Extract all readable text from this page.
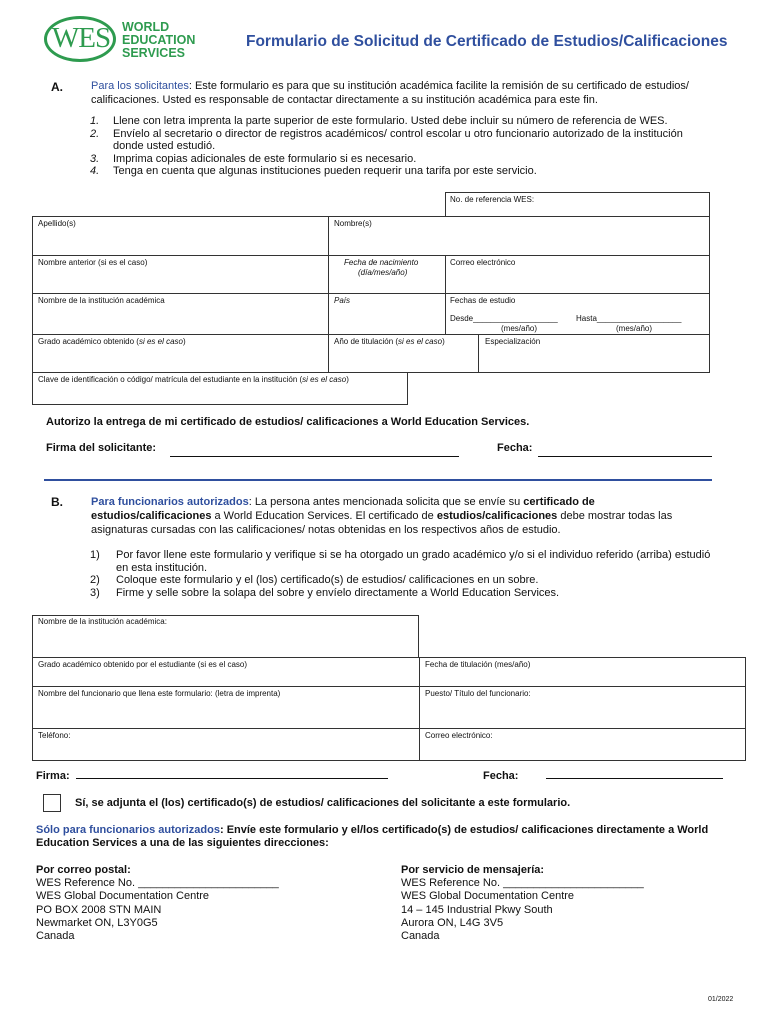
WES WORLD
EDUCATION
SERVICES
Formulario de Solicitud de Certificado de Estudios/Calificaciones
A.	Para los solicitantes: Este formulario es para que su institución académica facilite la remisión de su certificado de estudios/ calificaciones. Usted es responsable de contactar directamente a su institución académica para este fin.
1. Llene con letra imprenta la parte superior de este formulario. Usted debe incluir su número de referencia de WES.
2. Envíelo al secretario o director de registros académicos/ control escolar u otro funcionario autorizado de la institución donde usted estudió.
3. Imprima copias adicionales de este formulario si es necesario.
4. Tenga en cuenta que algunas instituciones pueden requerir una tarifa por este servicio.
No. de referencia WES:
Apellido(s)	Nombre(s)
Nombre anterior (si es el caso)	Fecha de nacimiento
(día/mes/año)
Correo electrónico
Nombre de la institución académica	País	Fechas de estudio
Desde___________________ Hasta___________________
(mes/año)	(mes/año)
Grado académico obtenido (si es el caso)	Año de titulación (si es el caso)	Especialización
Clave de identificación o código/ matrícula del estudiante en la institución (si es el caso)
Autorizo la entrega de mi certificado de estudios/ calificaciones a World Education Services.
Firma del solicitante:	Fecha:
B.	Para funcionarios autorizados: La persona antes mencionada solicita que se envíe su certificado de estudios/calificaciones a World Education Services. El certificado de estudios/calificaciones debe mostrar todas las asignaturas cursadas con las calificaciones/ notas obtenidas en los respectivos años de estudio.
1) Por favor llene este formulario y verifique si se ha otorgado un grado académico y/o si el individuo referido (arriba) estudió en esta institución.
2) Coloque este formulario y el (los) certificado(s) de estudios/ calificaciones en un sobre.
3) Firme y selle sobre la solapa del sobre y envíelo directamente a World Education Services.
Nombre de la institución académica:
Grado académico obtenido por el estudiante (si es el caso)	Fecha de titulación (mes/año)
Nombre del funcionario que llena este formulario: (letra de imprenta)	Puesto/ Título del funcionario:
Teléfono:	Correo electrónico:
Firma:	Fecha:
Sí, se adjunta el (los) certificado(s) de estudios/ calificaciones del solicitante a este formulario.
Sólo para funcionarios autorizados: Envíe este formulario y el/los certificado(s) de estudios/ calificaciones directamente a World Education Services a una de las siguientes direcciones:
Por correo postal:
WES Reference No. _______________________
WES Global Documentation Centre
PO BOX 2008 STN MAIN
Newmarket ON, L3Y0G5
Canada
Por servicio de mensajería:
WES Reference No. _______________________
WES Global Documentation Centre
14 – 145 Industrial Pkwy South
Aurora ON, L4G 3V5
Canada
01/2022
